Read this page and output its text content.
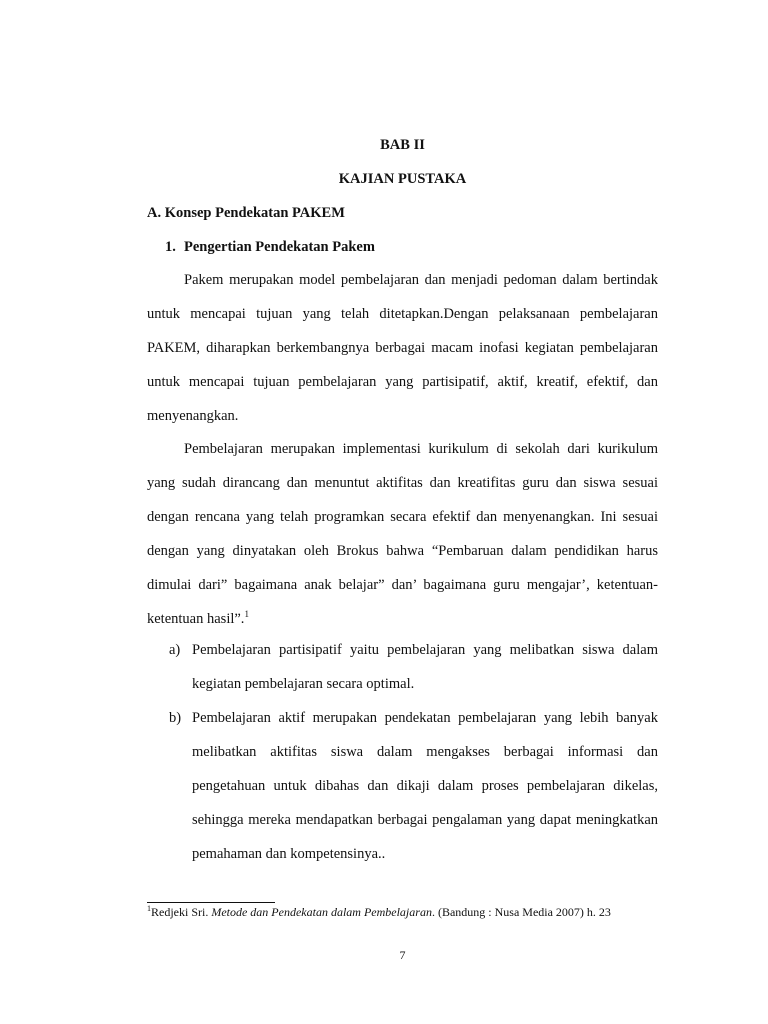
BAB II
KAJIAN PUSTAKA
A. Konsep Pendekatan PAKEM
1. Pengertian Pendekatan Pakem

Pakem merupakan model pembelajaran dan menjadi pedoman dalam bertindak untuk mencapai tujuan yang telah ditetapkan.Dengan pelaksanaan pembelajaran PAKEM, diharapkan berkembangnya berbagai macam inofasi kegiatan pembelajaran untuk mencapai tujuan pembelajaran yang partisipatif, aktif, kreatif, efektif, dan menyenangkan.

Pembelajaran merupakan implementasi kurikulum di sekolah dari kurikulum yang sudah dirancang dan menuntut aktifitas dan kreatifitas guru dan siswa sesuai dengan rencana yang telah programkan secara efektif dan menyenangkan. Ini sesuai dengan yang dinyatakan oleh Brokus bahwa “Pembaruan dalam pendidikan harus dimulai dari” bagaimana anak belajar” dan’ bagaimana guru mengajar’, ketentuan-ketentuan hasil”.$^1$

a) Pembelajaran partisipatif yaitu pembelajaran yang melibatkan siswa dalam kegiatan pembelajaran secara optimal.
b) Pembelajaran aktif merupakan pendekatan pembelajaran yang lebih banyak melibatkan aktifitas siswa dalam mengakses berbagai informasi dan pengetahuan untuk dibahas dan dikaji dalam proses pembelajaran dikelas, sehingga mereka mendapatkan berbagai pengalaman yang dapat meningkatkan pemahaman dan kompetensinya..
$^1$Redjeki Sri. Metode dan Pendekatan dalam Pembelajaran. (Bandung : Nusa Media 2007) h. 23
7
